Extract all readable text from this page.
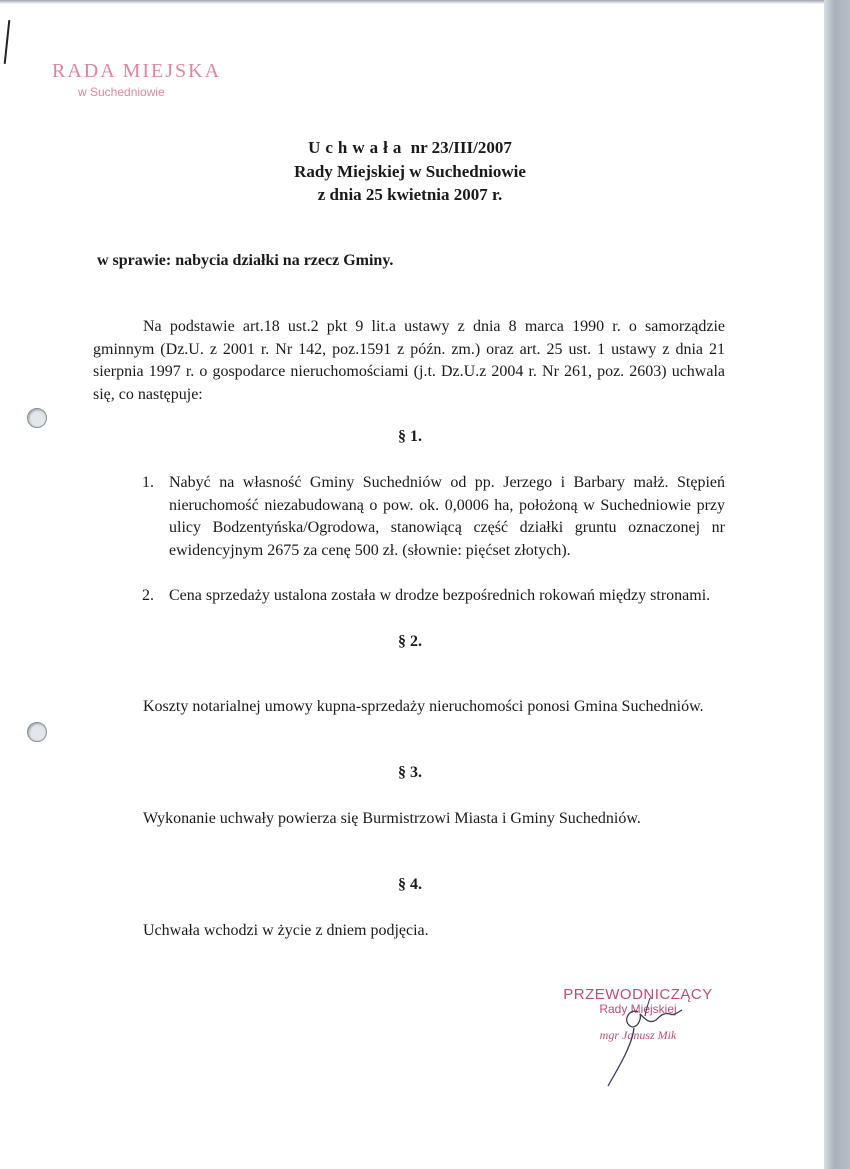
RADA MIEJSKA
w Suchedniowie
Uchwała nr 23/III/2007
Rady Miejskiej w Suchedniowie
z dnia 25 kwietnia 2007 r.
w sprawie: nabycia działki na rzecz Gminy.
Na podstawie art.18 ust.2 pkt 9 lit.a ustawy z dnia 8 marca 1990 r. o samorządzie gminnym (Dz.U. z 2001 r. Nr 142, poz.1591 z późn. zm.) oraz art. 25 ust. 1 ustawy z dnia 21 sierpnia 1997 r. o gospodarce nieruchomościami (j.t. Dz.U.z 2004 r. Nr 261, poz. 2603) uchwala się, co następuje:
§ 1.
1. Nabyć na własność Gminy Suchedniów od pp. Jerzego i Barbary małż. Stępień nieruchomość niezabudowaną o pow. ok. 0,0006 ha, położoną w Suchedniowie przy ulicy Bodzentyńska/Ogrodowa, stanowiącą część działki gruntu oznaczonej nr ewidencyjnym 2675 za cenę 500 zł. (słownie: pięćset złotych).
2. Cena sprzedaży ustalona została w drodze bezpośrednich rokowań między stronami.
§ 2.
Koszty notarialnej umowy kupna-sprzedaży nieruchomości ponosi Gmina Suchedniów.
§ 3.
Wykonanie uchwały powierza się Burmistrzowi Miasta i Gminy Suchedniów.
§ 4.
Uchwała wchodzi w życie z dniem podjęcia.
PRZEWODNICZĄCY
Rady Miejskiej
mgr Janusz Mik
